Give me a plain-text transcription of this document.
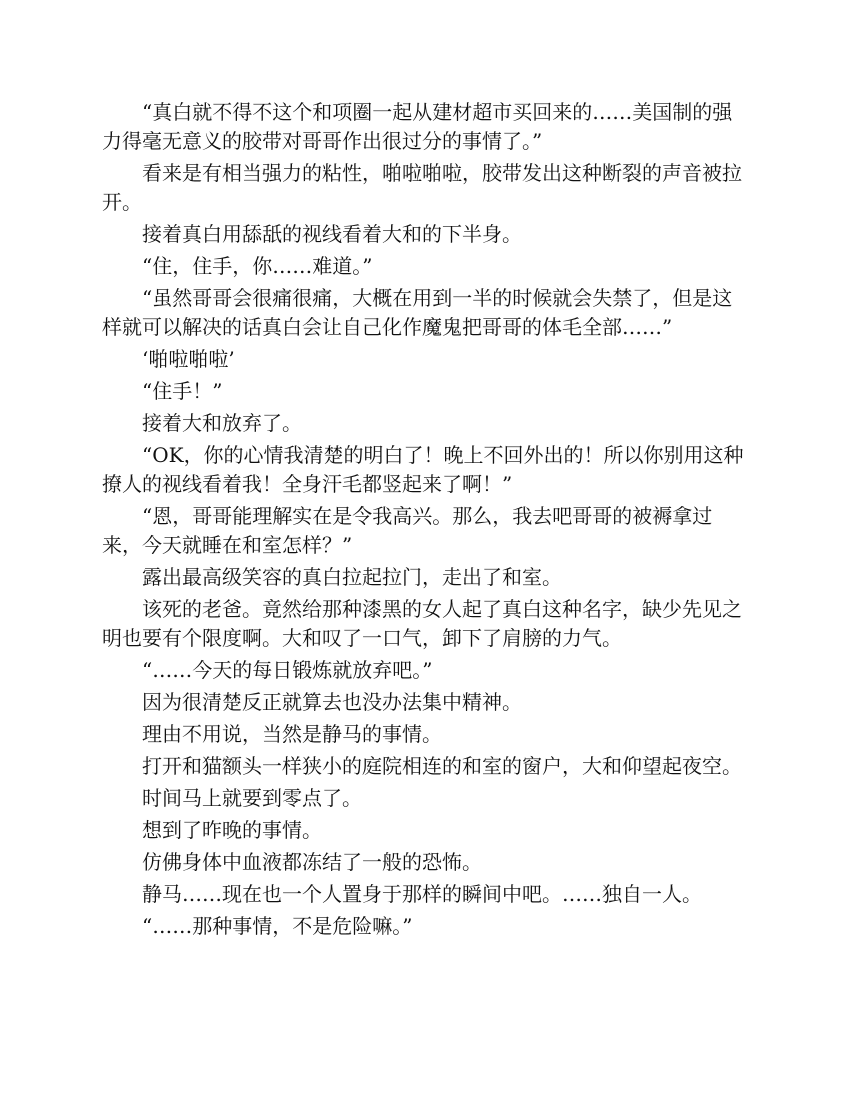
“真白就不得不这个和项圈一起从建材超市买回来的……美国制的强力得毫无意义的胶带对哥哥作出很过分的事情了。”

看来是有相当强力的粘性，啪啦啪啦，胶带发出这种断裂的声音被拉开。

接着真白用舔舐的视线看着大和的下半身。

“住，住手，你……难道。”

“虽然哥哥会很痛很痛，大概在用到一半的时候就会失禁了，但是这样就可以解决的话真白会让自己化作魔鬼把哥哥的体毛全部……”

‘啪啦啪啦’

“住手！”

接着大和放弃了。

“OK，你的心情我清楚的明白了！晚上不回外出的！所以你别用这种撩人的视线看着我！全身汗毛都竖起来了啊！”

“恩，哥哥能理解实在是令我高兴。那么，我去吧哥哥的被褥拿过来，今天就睡在和室怎样？”

露出最高级笑容的真白拉起拉门，走出了和室。

该死的老爸。竟然给那种漆黑的女人起了真白这种名字，缺少先见之明也要有个限度啊。大和叹了一口气，卸下了肩膀的力气。

“……今天的每日锻炼就放弃吧。”

因为很清楚反正就算去也没办法集中精神。

理由不用说，当然是静马的事情。

打开和猫额头一样狭小的庭院相连的和室的窗户，大和仰望起夜空。

时间马上就要到零点了。

想到了昨晚的事情。

仿佛身体中血液都冻结了一般的恐怖。

静马……现在也一个人置身于那样的瞬间中吧。……独自一人。

“……那种事情，不是危险嘛。”
